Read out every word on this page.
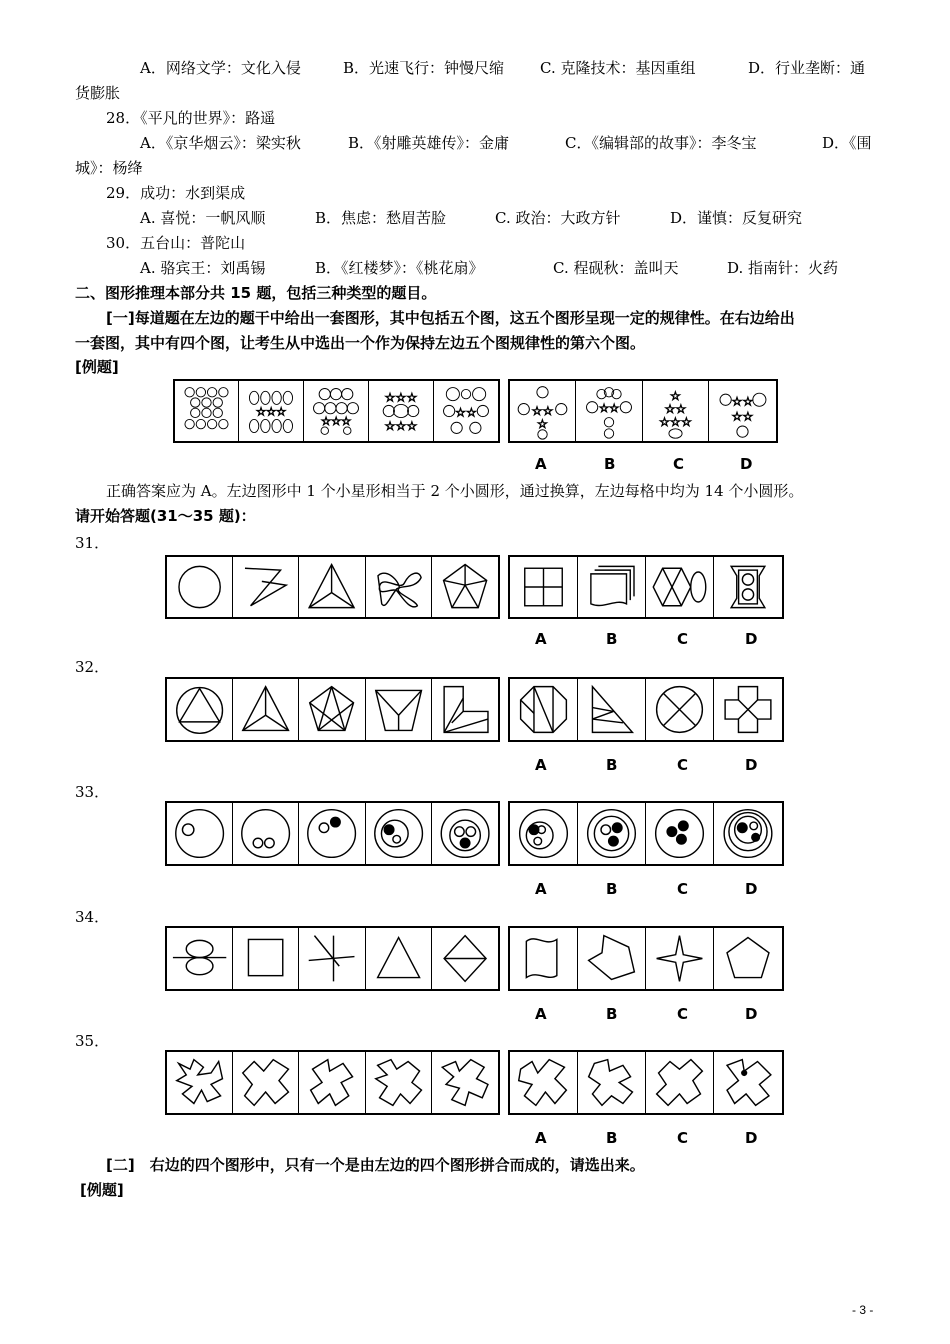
A．网络文学：文化入侵	B．光速飞行：钟慢尺缩 C. 克隆技术：基因重组	D．行业垄断：通
货膨胀
28．《平凡的世界》：路遥
A．《京华烟云》：梁实秋	B．《射雕英雄传》：金庸	C．《编辑部的故事》：李冬宝	D．《围
城》：杨绛
29．成功：水到渠成
A. 喜悦：一帆风顺	B．焦虑：愁眉苦脸	C. 政治：大政方针	D．谨慎：反复研究
30．五台山：普陀山
A. 骆宾王：刘禹锡	B．《红楼梦》：《桃花扇》	C. 程砚秋：盖叫天	D. 指南针：火药
二、图形推理本部分共 15 题，包括三种类型的题目。
[一]每道题在左边的题干中给出一套图形，其中包括五个图，这五个图形呈现一定的规律性。在右边给出
一套图，其中有四个图，让考生从中选出一个作为保持左边五个图规律性的第六个图。
[例题]
☆☆☆
☆☆☆
☆☆☆
☆☆☆
☆☆	☆☆
☆
☆☆
☆
☆☆
☆☆☆
☆☆
☆☆
A	B	C	D
正确答案应为 A。左边图形中 1 个小星形相当于 2 个小圆形，通过换算，左边每格中均为 14 个小圆形。
请开始答题(31～35 题)：
31．
A	B	C	D
32．
A	B	C	D
33．
A	B	C	D
34．
A	B	C	D
35．
A	B	C	D
[二]　右边的四个图形中，只有一个是由左边的四个图形拼合而成的，请选出来。
[例题]
- 3 -
